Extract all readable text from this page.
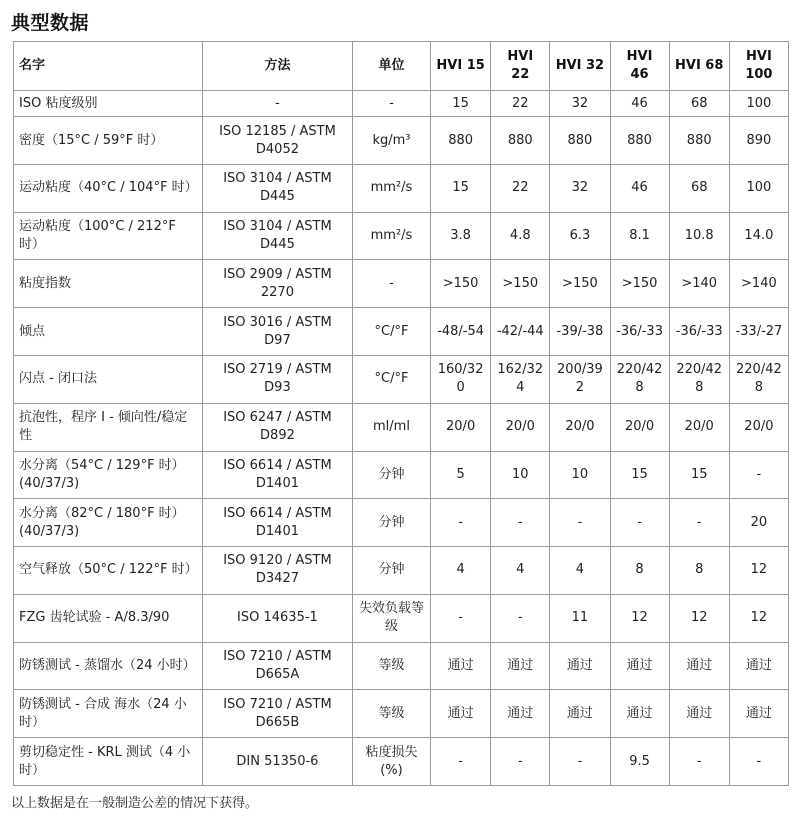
典型数据
名字	方法	单位	HVI 15	HVI 22	HVI 32	HVI 46	HVI 68	HVI 100
ISO 粘度级别	-	-	15	22	32	46	68	100
密度（15°C / 59°F 时）	ISO 12185 / ASTM D4052	kg/m³	880	880	880	880	880	890
运动粘度（40°C / 104°F 时）	ISO 3104 / ASTM D445	mm²/s	15	22	32	46	68	100
运动粘度（100°C / 212°F 时）	ISO 3104 / ASTM D445	mm²/s	3.8	4.8	6.3	8.1	10.8	14.0
粘度指数	ISO 2909 / ASTM 2270	-	>150	>150	>150	>150	>140	>140
倾点	ISO 3016 / ASTM D97	°C/°F	-48/-54	-42/-44	-39/-38	-36/-33	-36/-33	-33/-27
闪点 - 闭口法	ISO 2719 / ASTM D93	°C/°F	160/320	162/324	200/392	220/428	220/428	220/428
抗泡性，程序 I - 倾向性/稳定性	ISO 6247 / ASTM D892	ml/ml	20/0	20/0	20/0	20/0	20/0	20/0
水分离（54°C / 129°F 时）(40/37/3)	ISO 6614 / ASTM D1401	分钟	5	10	10	15	15	-
水分离（82°C / 180°F 时）(40/37/3)	ISO 6614 / ASTM D1401	分钟	-	-	-	-	-	20
空气释放（50°C / 122°F 时）	ISO 9120 / ASTM D3427	分钟	4	4	4	8	8	12
FZG 齿轮试验 - A/8.3/90	ISO 14635-1	失效负载等级	-	-	11	12	12	12
防锈测试 - 蒸馏水（24 小时）	ISO 7210 / ASTM D665A	等级	通过	通过	通过	通过	通过	通过
防锈测试 - 合成 海水（24 小时）	ISO 7210 / ASTM D665B	等级	通过	通过	通过	通过	通过	通过
剪切稳定性 - KRL 测试（4 小时）	DIN 51350-6	粘度损失 (%)	-	-	-	9.5	-	-
以上数据是在一般制造公差的情况下获得。
